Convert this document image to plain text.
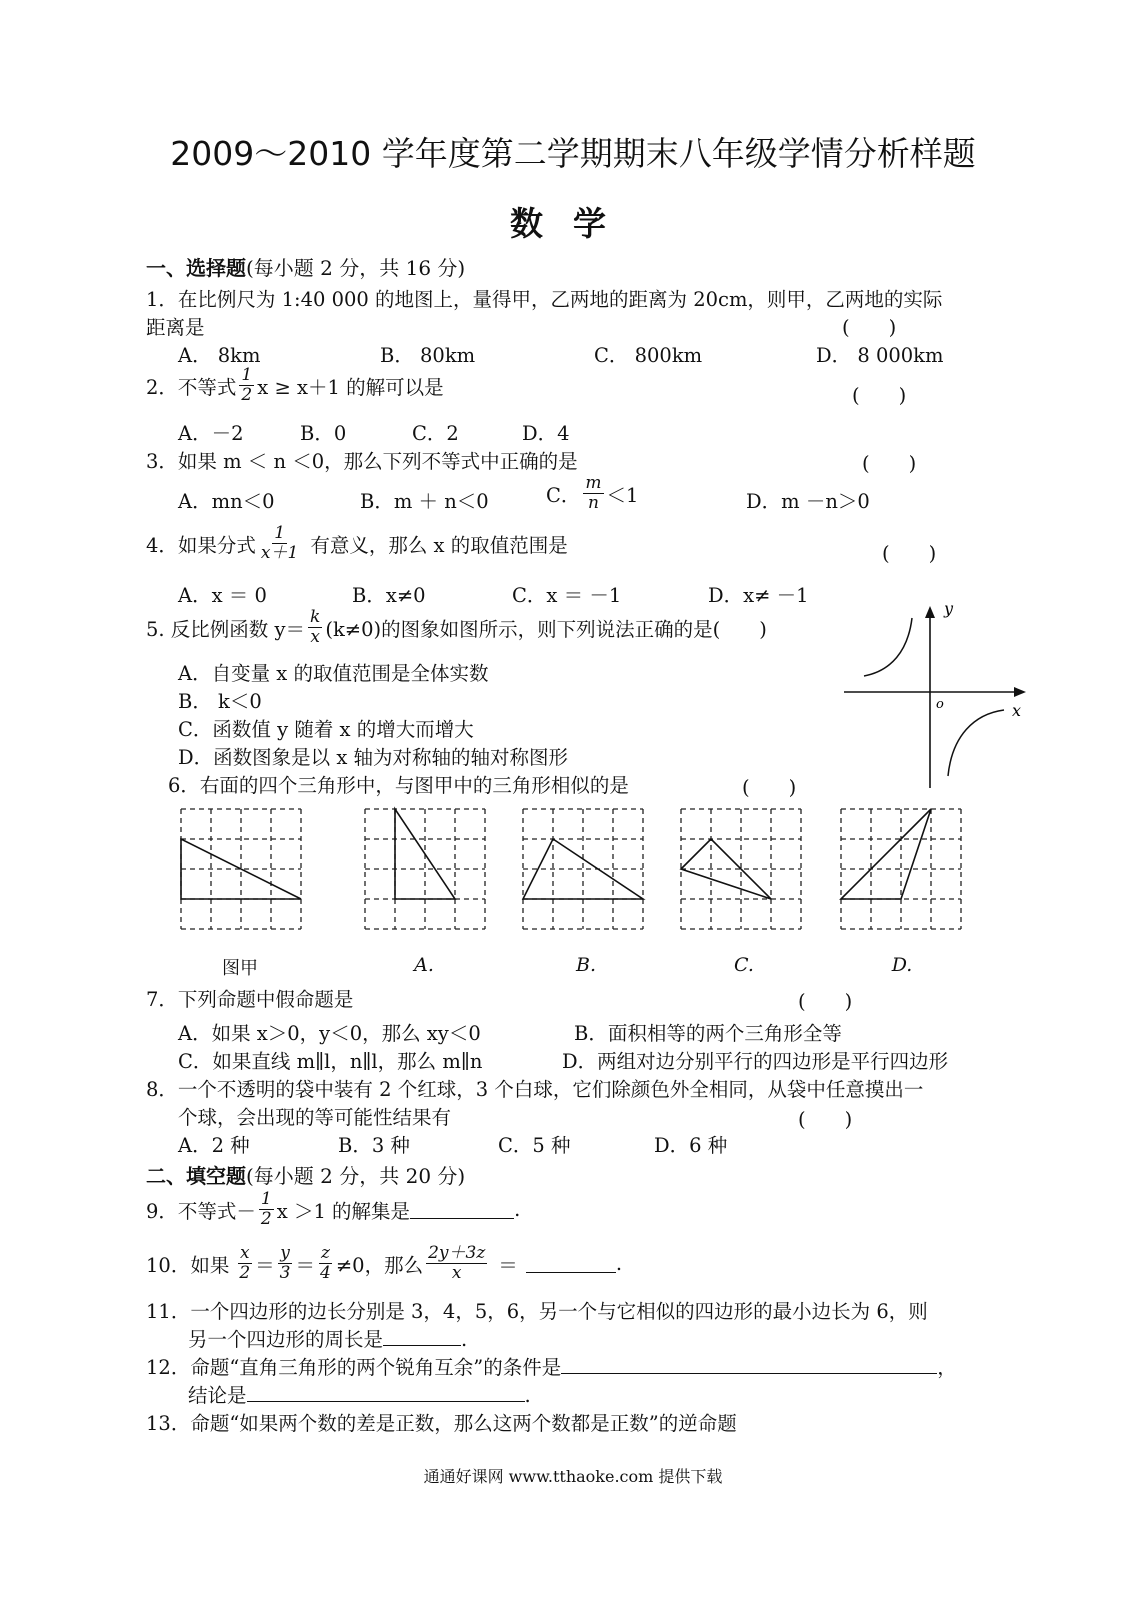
2009～2010 学年度第二学期期末八年级学情分析样题
数学
一、选择题(每小题 2 分，共 16 分)
1．在比例尺为 1:40 000 的地图上，量得甲，乙两地的距离为 20cm，则甲，乙两地的实际
距离是	(　　)
A． 8km	B． 80km	C． 800km	D． 8 000km
2．不等式 $\frac{1}{2}$ x ≥ x＋1 的解可以是	(　　)
A．－2	B．0	C．2	D．4
3．如果 m ＜ n ＜0，那么下列不等式中正确的是	(　　)
A．mn＜0	B．m ＋ n＜0	C． $\frac{m}{n} <1$	D．m －n＞0
4．如果分式 $\frac{1}{x+1}$ 有意义，那么 x 的取值范围是	(　　)
A．x ＝ 0	B．x≠0	C．x ＝ －1	D．x≠ －1
5. 反比例函数 $y= \frac{k}{x} (k\ne 0)$的图象如图所示，则下列说法正确的是(　　)
A．自变量 x 的取值范围是全体实数
B． k＜0
C．函数值 y 随着 x 的增大而增大
D．函数图象是以 x 轴为对称轴的轴对称图形
y
x
o
6．右面的四个三角形中，与图甲中的三角形相似的是	(　　)
图甲	A.	B.	C.	D.
7．下列命题中假命题是	(　　)
A．如果 x＞0，y＜0，那么 xy＜0	B．面积相等的两个三角形全等
C．如果直线 m∥l，n∥l，那么 m∥n	D．两组对边分别平行的四边形是平行四边形
8．一个不透明的袋中装有 2 个红球，3 个白球，它们除颜色外全相同，从袋中任意摸出一
个球，会出现的等可能性结果有	(　　)
A．2 种	B．3 种	C．5 种	D．6 种
二、填空题(每小题 2 分，共 20 分)
9．不等式－ $\frac{1}{2}$ x ＞1 的解集是	.
10．如果 $\frac{x}{2} = \frac{y}{3} = \frac{z}{4} \ne 0$，那么 $\frac{2y+3z}{x}$ ＝	.
11．一个四边形的边长分别是 3，4，5，6，另一个与它相似的四边形的最小边长为 6，则
另一个四边形的周长是	.
12．命题“直角三角形的两个锐角互余”的条件是	，
结论是	.
13．命题“如果两个数的差是正数，那么这两个数都是正数”的逆命题
通通好课网 www.tthaoke.com 提供下载
